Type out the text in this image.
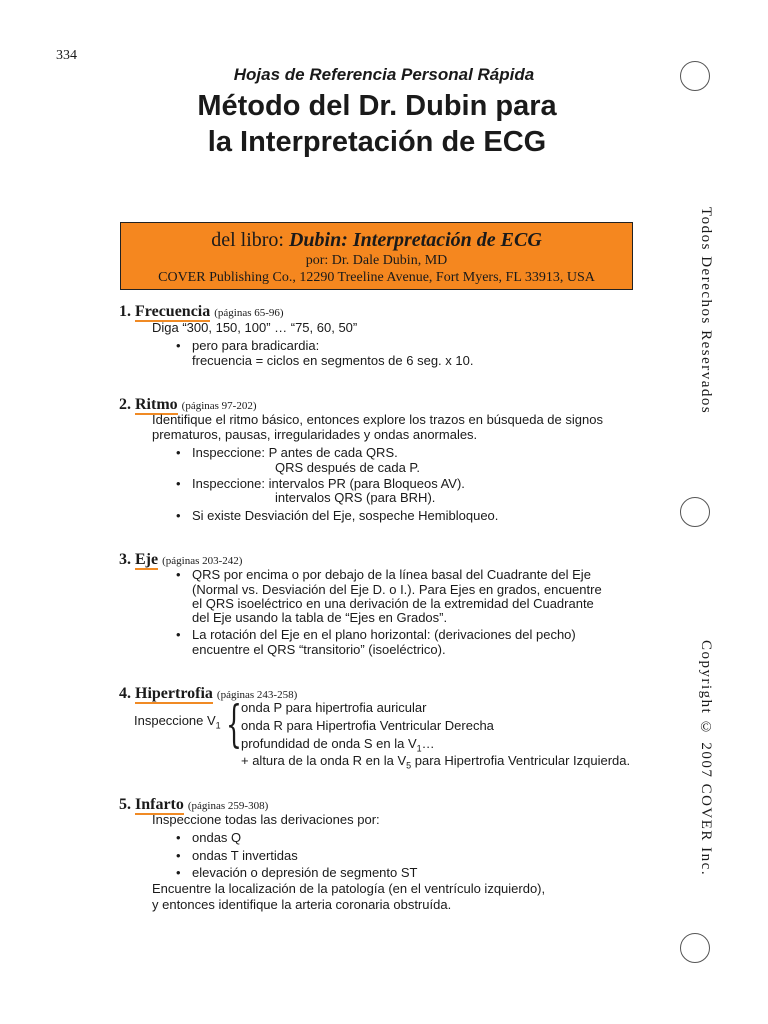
334
Hojas de Referencia Personal Rápida
Método del Dr. Dubin para
la Interpretación de ECG
del libro: Dubin: Interpretación de ECG
por: Dr. Dale Dubin, MD
COVER Publishing Co., 12290 Treeline Avenue, Fort Myers, FL 33913, USA	Todos Derechos Reservados
Copyright © 2007 COVER Inc.
1. Frecuencia (páginas 65-96)
Diga “300, 150, 100” … “75, 60, 50”
• pero para bradicardia:
frecuencia = ciclos en segmentos de 6 seg. x 10.
2. Ritmo (páginas 97-202)
Identifique el ritmo básico, entonces explore los trazos en búsqueda de signos
prematuros, pausas, irregularidades y ondas anormales.
• Inspeccione: P antes de cada QRS.
QRS después de cada P.
• Inspeccione: intervalos PR (para Bloqueos AV).
intervalos QRS (para BRH).
• Si existe Desviación del Eje, sospeche Hemibloqueo.
3. Eje (páginas 203-242)
• QRS por encima o por debajo de la línea basal del Cuadrante del Eje
(Normal vs. Desviación del Eje D. o I.). Para Ejes en grados, encuentre
el QRS isoeléctrico en una derivación de la extremidad del Cuadrante
del Eje usando la tabla de “Ejes en Grados”.
• La rotación del Eje en el plano horizontal: (derivaciones del pecho)
encuentre el QRS “transitorio” (isoeléctrico).
4. Hipertrofia (páginas 243-258)
onda P para hipertrofia auricular
Inspeccione $V_1$ { onda R para Hipertrofia Ventricular Derecha
profundidad de onda S en la $V_1\dots$
+ altura de la onda R en la $V_5$ para Hipertrofia Ventricular Izquierda.
5. Infarto (páginas 259-308)
Inspeccione todas las derivaciones por:
• ondas Q
• ondas T invertidas
• elevación o depresión de segmento ST
Encuentre la localización de la patología (en el ventrículo izquierdo),
y entonces identifique la arteria coronaria obstruída.
